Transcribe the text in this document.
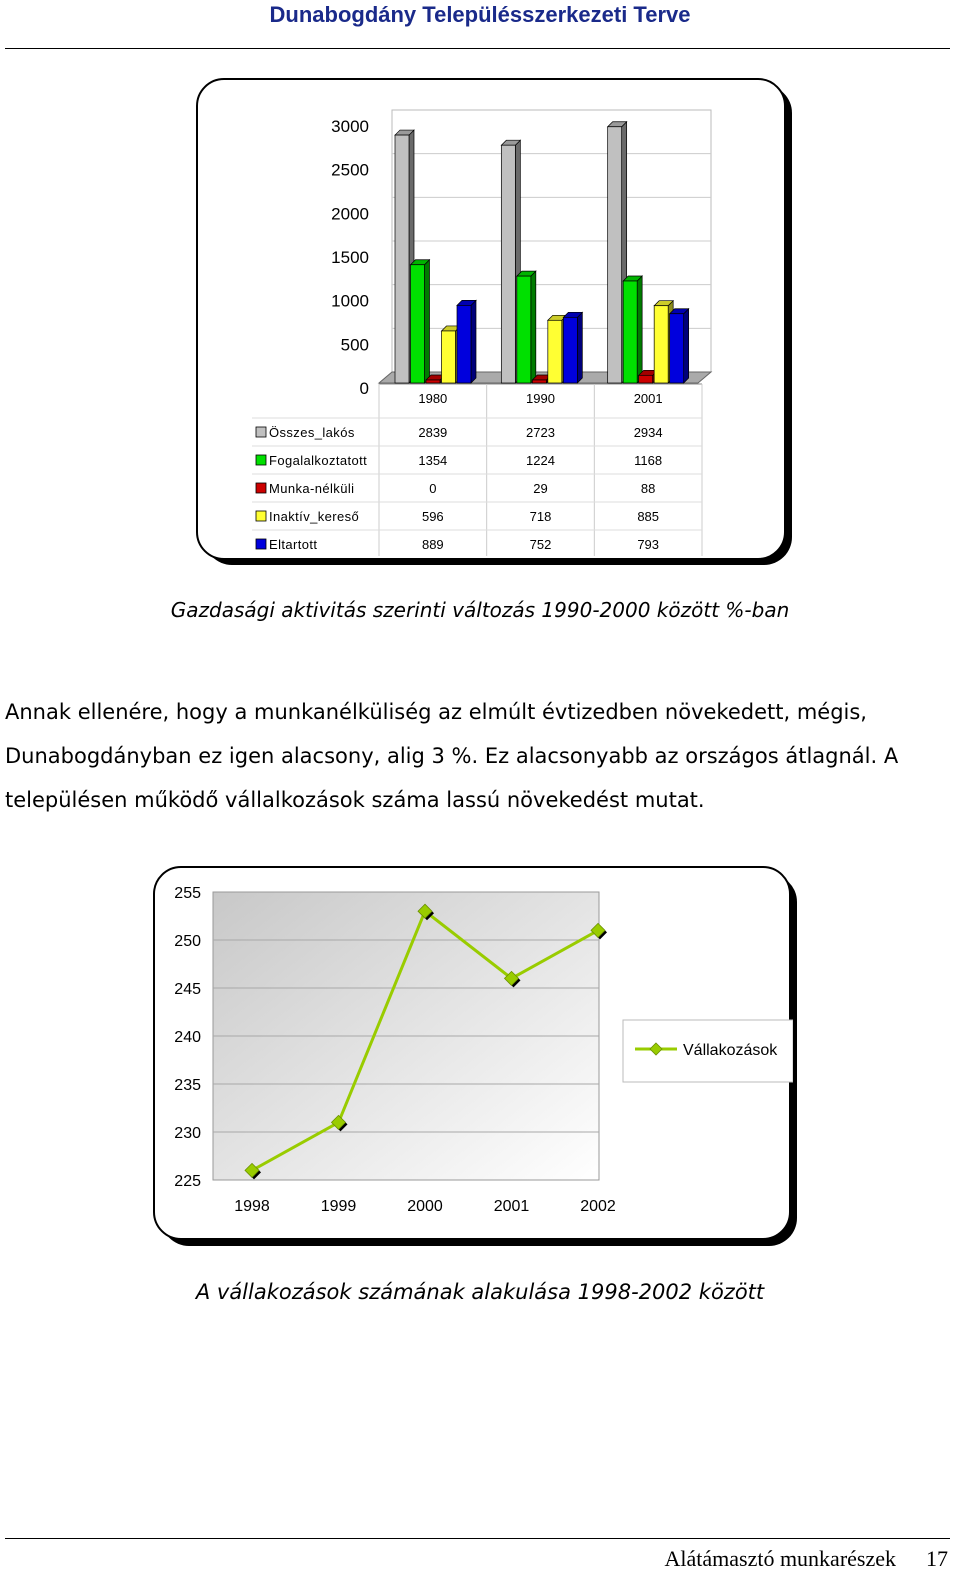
Dunabogdány Településszerkezeti Terve
3000
2500
2000
1500
1000
500
0
1980	1990	2001
Összes_lakós	2839	2723	2934
Fogalalkoztatott	1354	1224	1168
Munka-nélküli	0	29	88
Inaktív_kereső	596	718	885
Eltartott	889	752	793
Gazdasági aktivitás szerinti változás 1990-2000 között %-ban
Annak ellenére, hogy a munkanélküliség az elmúlt évtizedben növekedett, mégis,
Dunabogdányban ez igen alacsony, alig 3 %. Ez alacsonyabb az országos átlagnál. A
településen működő vállalkozások száma lassú növekedést mutat.
255
250
245
240
235
230
225
1998	1999	2000	2001	2002
Vállakozások
A vállakozások számának alakulása 1998-2002 között
Alátámasztó munkarészek 17
